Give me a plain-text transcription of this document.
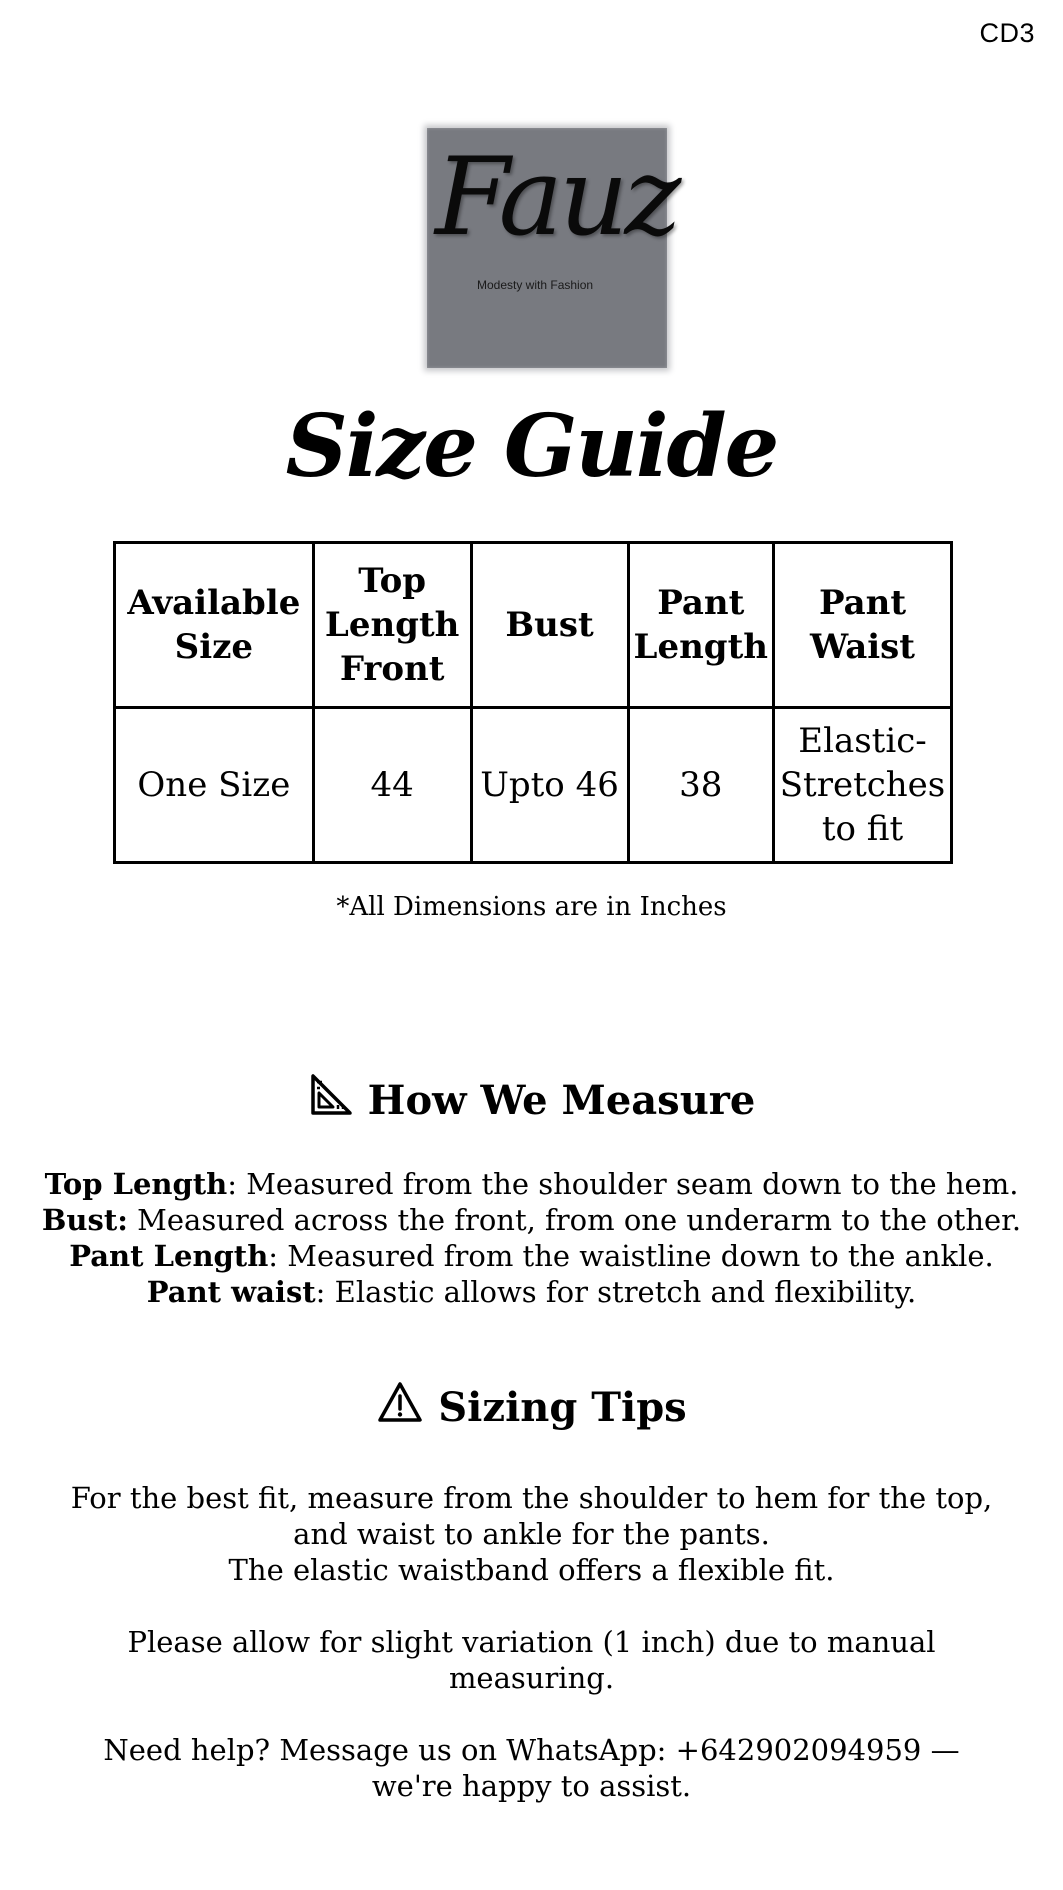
CD3
Fauz
Modesty with Fashion
Size Guide
Available Size	Top Length Front	Bust	Pant Length	Pant Waist
One Size	44	Upto 46	38	Elastic-Stretches to fit
*All Dimensions are in Inches
How We Measure
Top Length: Measured from the shoulder seam down to the hem.
Bust: Measured across the front, from one underarm to the other.
Pant Length: Measured from the waistline down to the ankle.
Pant waist: Elastic allows for stretch and flexibility.
Sizing Tips

For the best fit, measure from the shoulder to hem for the top, and waist to ankle for the pants.

The elastic waistband offers a flexible fit.

Please allow for slight variation (1 inch) due to manual measuring.

Need help? Message us on WhatsApp: +642902094959 — we're happy to assist.
